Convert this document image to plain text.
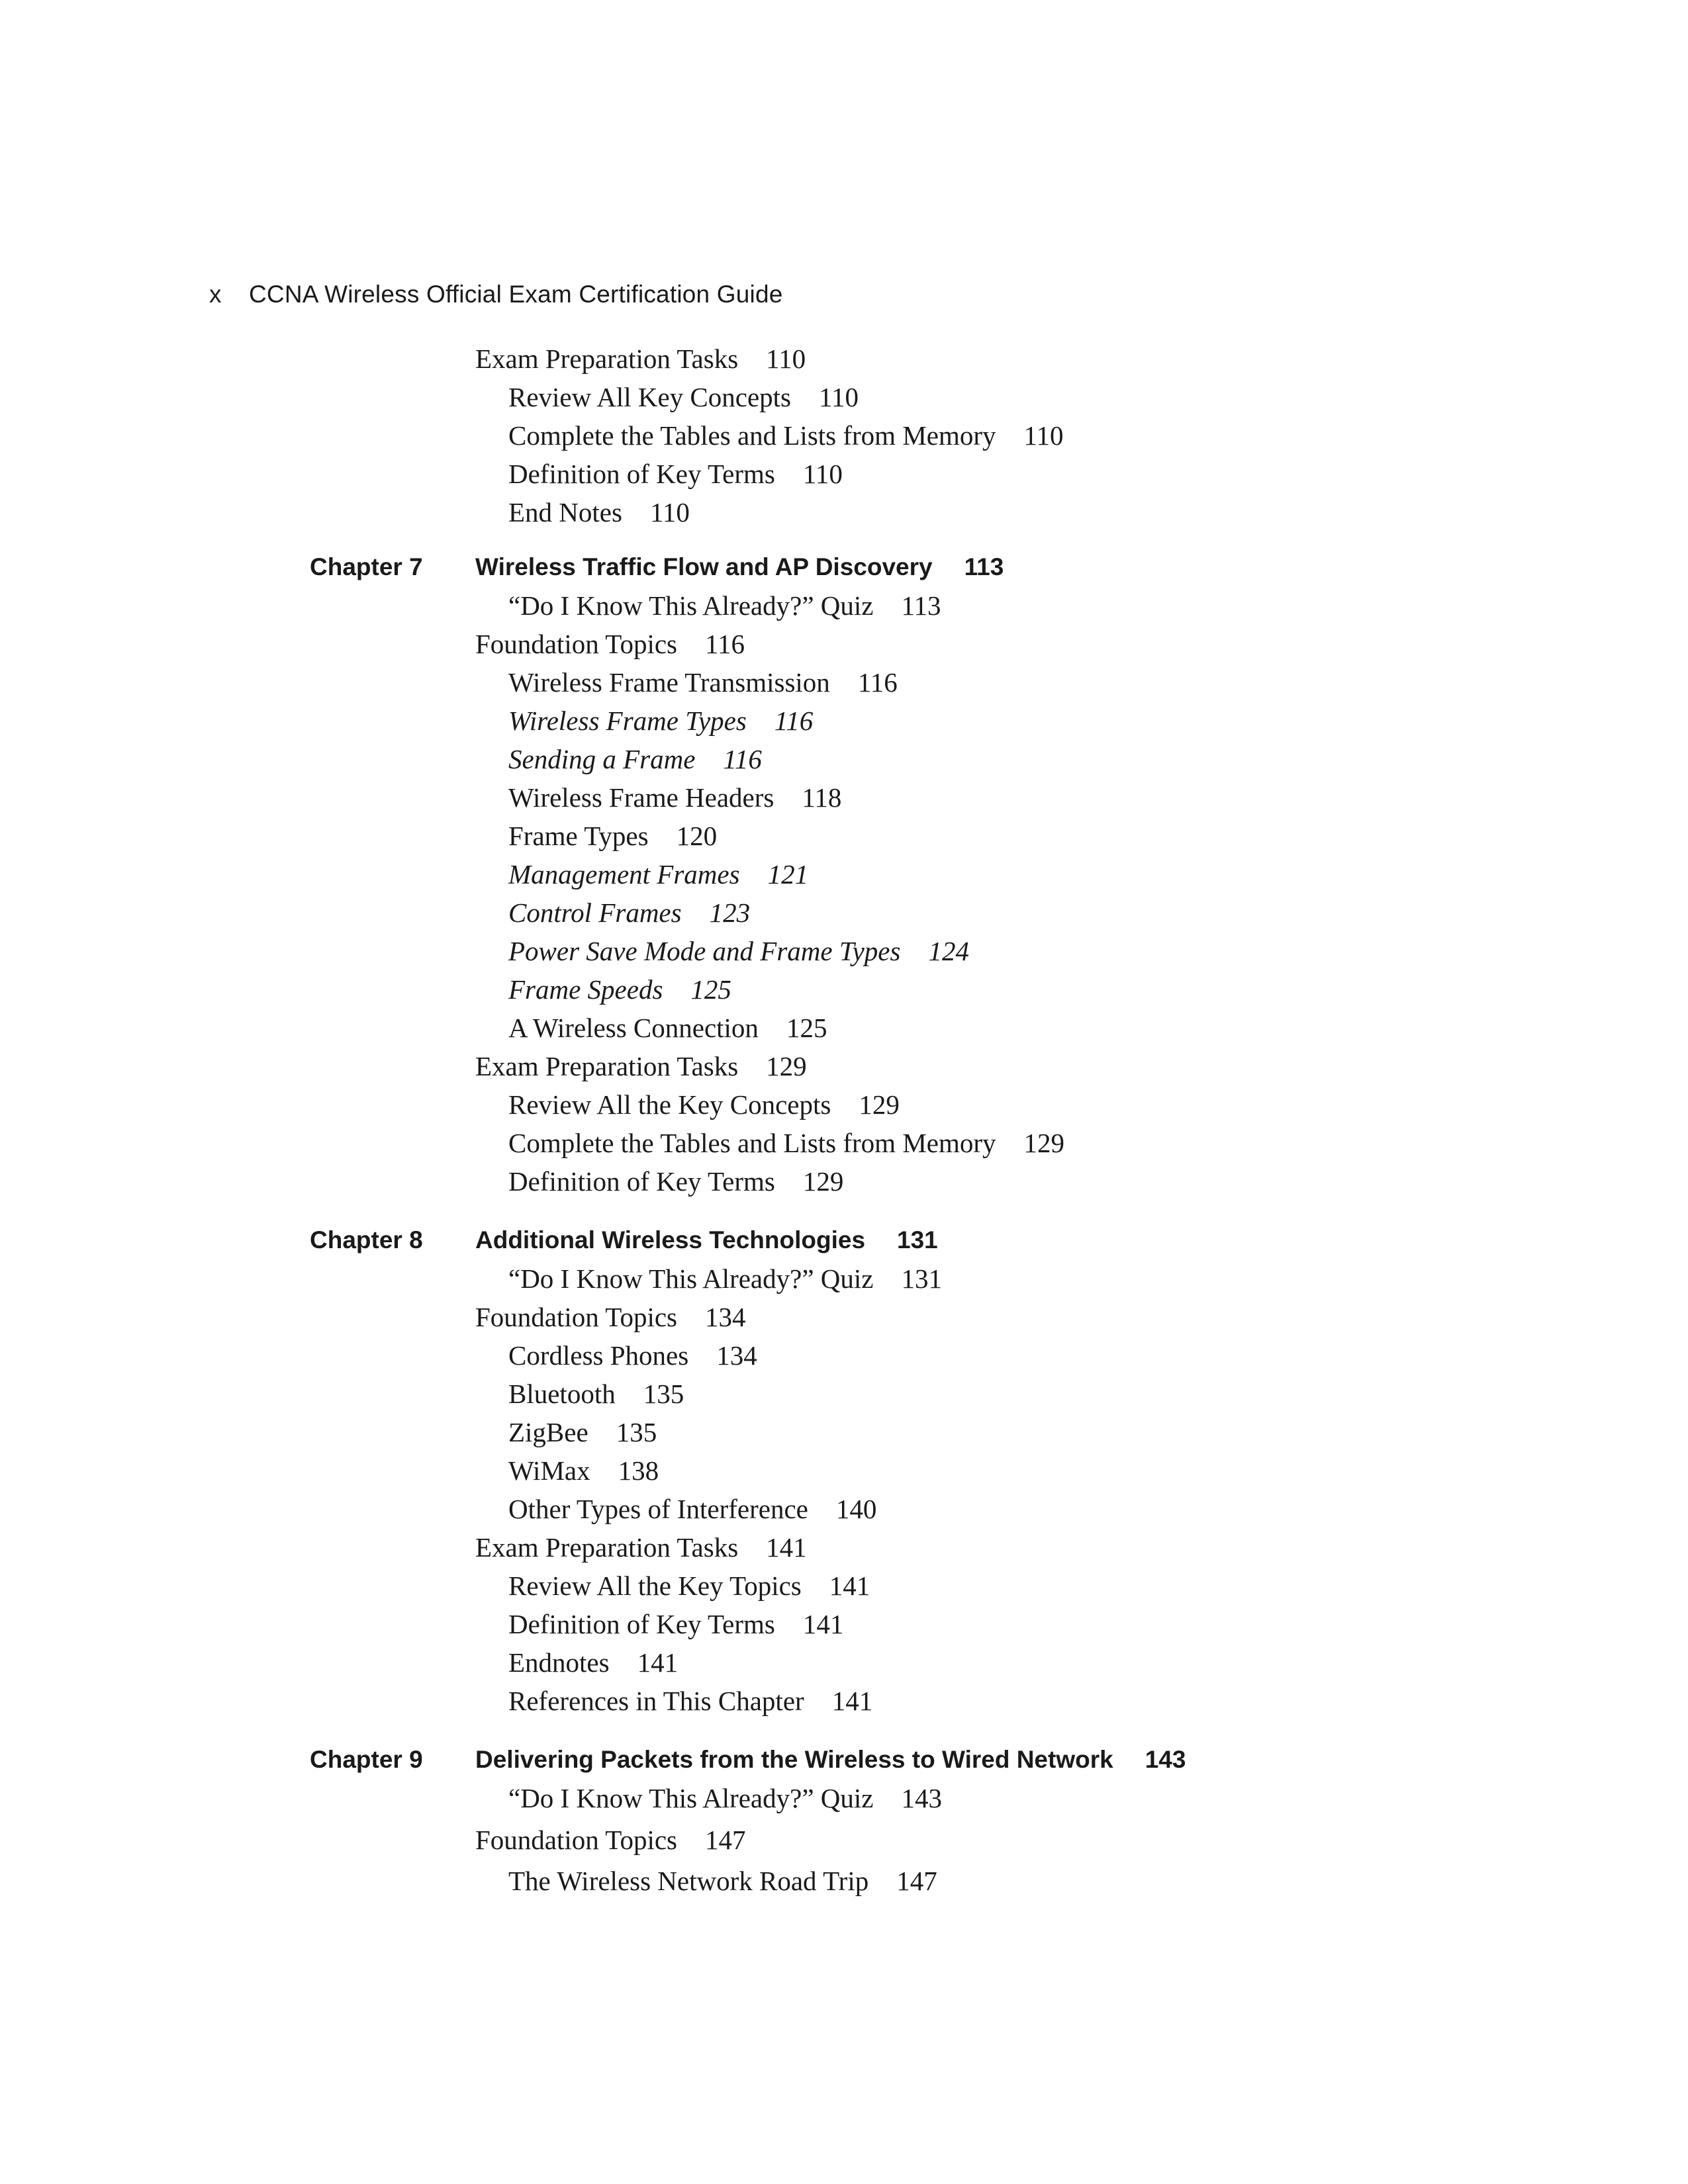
x CCNA Wireless Official Exam Certification Guide
Exam Preparation Tasks 110
Review All Key Concepts 110
Complete the Tables and Lists from Memory 110
Definition of Key Terms 110
End Notes 110
Chapter 7 Wireless Traffic Flow and AP Discovery 113
“Do I Know This Already?” Quiz 113
Foundation Topics 116
Wireless Frame Transmission 116
Wireless Frame Types 116
Sending a Frame 116
Wireless Frame Headers 118
Frame Types 120
Management Frames 121
Control Frames 123
Power Save Mode and Frame Types 124
Frame Speeds 125
A Wireless Connection 125
Exam Preparation Tasks 129
Review All the Key Concepts 129
Complete the Tables and Lists from Memory 129
Definition of Key Terms 129
Chapter 8 Additional Wireless Technologies 131
“Do I Know This Already?” Quiz 131
Foundation Topics 134
Cordless Phones 134
Bluetooth 135
ZigBee 135
WiMax 138
Other Types of Interference 140
Exam Preparation Tasks 141
Review All the Key Topics 141
Definition of Key Terms 141
Endnotes 141
References in This Chapter 141
Chapter 9 Delivering Packets from the Wireless to Wired Network 143
“Do I Know This Already?” Quiz 143
Foundation Topics 147
The Wireless Network Road Trip 147
